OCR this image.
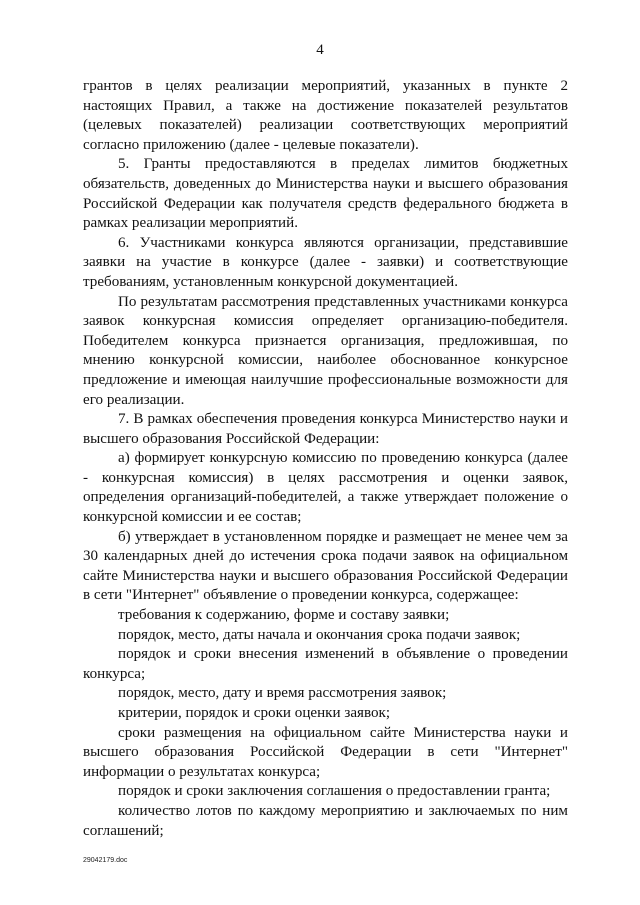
4

грантов в целях реализации мероприятий, указанных в пункте 2 настоящих Правил, а также на достижение показателей результатов (целевых показателей) реализации соответствующих мероприятий согласно приложению (далее - целевые показатели).

5. Гранты предоставляются в пределах лимитов бюджетных обязательств, доведенных до Министерства науки и высшего образования Российской Федерации как получателя средств федерального бюджета в рамках реализации мероприятий.

6. Участниками конкурса являются организации, представившие заявки на участие в конкурсе (далее - заявки) и соответствующие требованиям, установленным конкурсной документацией.

По результатам рассмотрения представленных участниками конкурса заявок конкурсная комиссия определяет организацию-победителя. Победителем конкурса признается организация, предложившая, по мнению конкурсной комиссии, наиболее обоснованное конкурсное предложение и имеющая наилучшие профессиональные возможности для его реализации.

7. В рамках обеспечения проведения конкурса Министерство науки и высшего образования Российской Федерации:

а) формирует конкурсную комиссию по проведению конкурса (далее - конкурсная комиссия) в целях рассмотрения и оценки заявок, определения организаций-победителей, а также утверждает положение о конкурсной комиссии и ее состав;

б) утверждает в установленном порядке и размещает не менее чем за 30 календарных дней до истечения срока подачи заявок на официальном сайте Министерства науки и высшего образования Российской Федерации в сети "Интернет" объявление о проведении конкурса, содержащее:

требования к содержанию, форме и составу заявки;

порядок, место, даты начала и окончания срока подачи заявок;

порядок и сроки внесения изменений в объявление о проведении конкурса;

порядок, место, дату и время рассмотрения заявок;

критерии, порядок и сроки оценки заявок;

сроки размещения на официальном сайте Министерства науки и высшего образования Российской Федерации в сети "Интернет" информации о результатах конкурса;

порядок и сроки заключения соглашения о предоставлении гранта;

количество лотов по каждому мероприятию и заключаемых по ним соглашений;

29042179.doc
